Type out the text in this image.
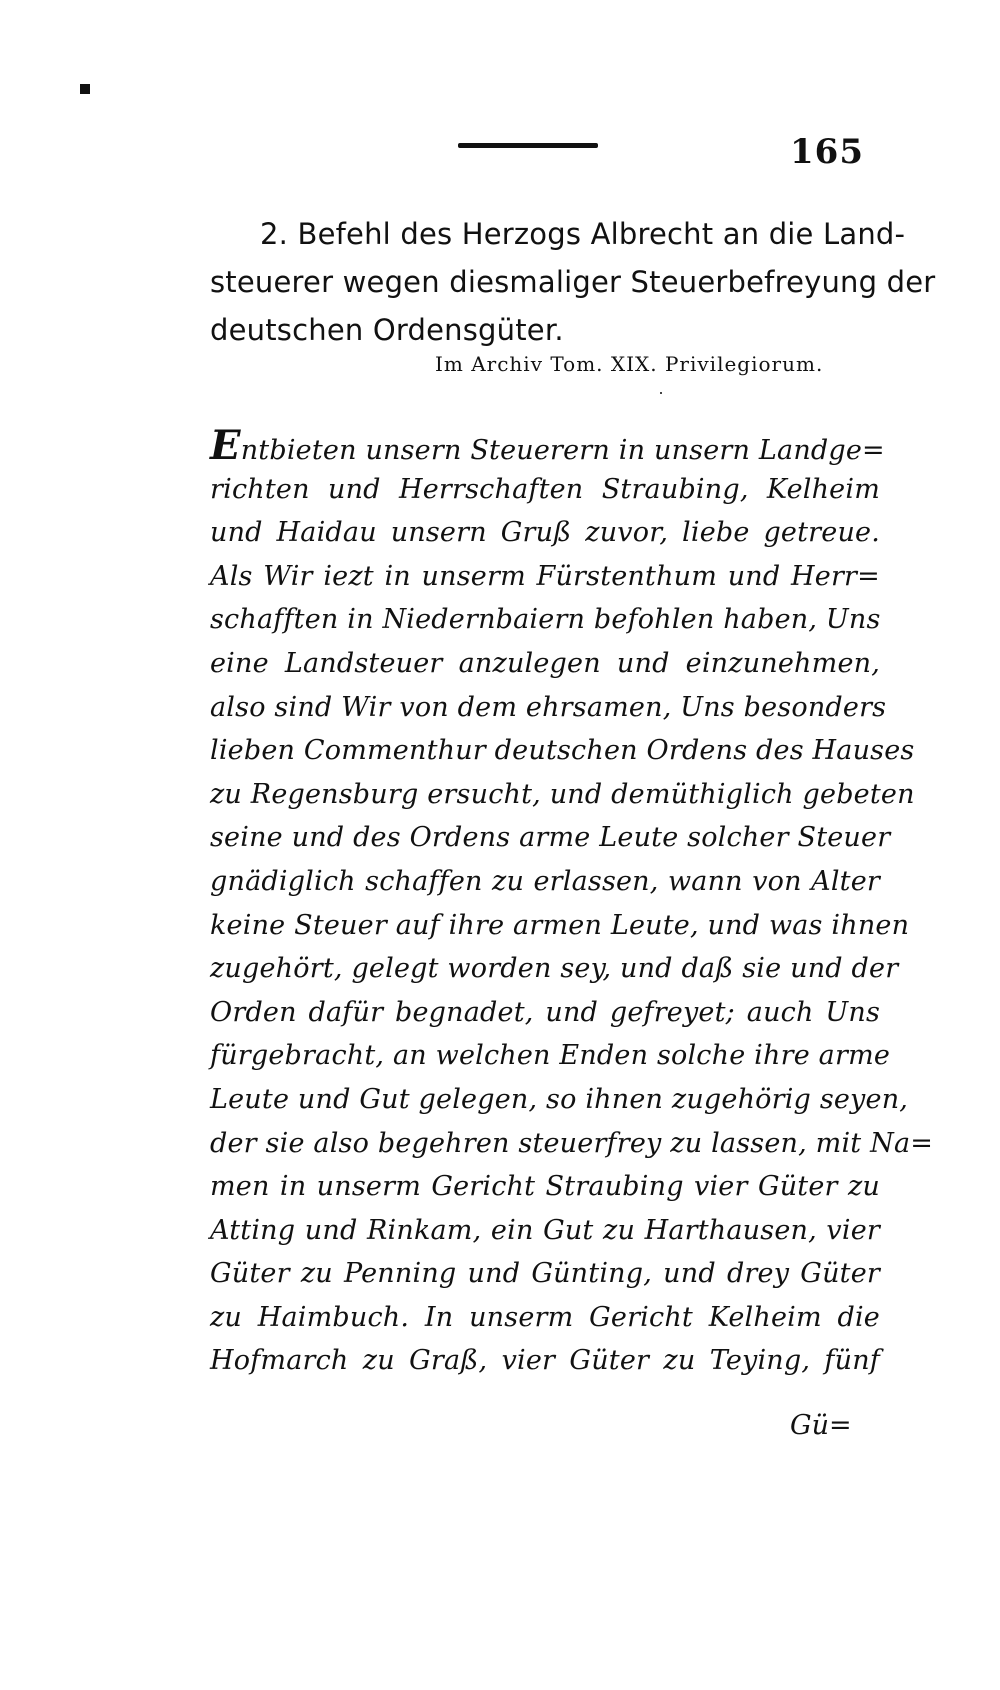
165
2. Befehl des Herzogs Albrecht an die Land-
steuerer wegen diesmaliger Steuerbefreyung der
deutschen Ordensgüter.
Im Archiv Tom. XIX. Privilegiorum.
Entbieten unsern Steuerern in unsern Landge=
richten und Herrschaften Straubing, Kelheim
und Haidau unsern Gruß zuvor, liebe getreue.
Als Wir iezt in unserm Fürstenthum und Herr=
schafften in Niedernbaiern befohlen haben, Uns
eine Landsteuer anzulegen und einzunehmen,
also sind Wir von dem ehrsamen, Uns besonders
lieben Commenthur deutschen Ordens des Hauses
zu Regensburg ersucht, und demüthiglich gebeten
seine und des Ordens arme Leute solcher Steuer
gnädiglich schaffen zu erlassen, wann von Alter
keine Steuer auf ihre armen Leute, und was ihnen
zugehört, gelegt worden sey, und daß sie und der
Orden dafür begnadet, und gefreyet; auch Uns
fürgebracht, an welchen Enden solche ihre arme
Leute und Gut gelegen, so ihnen zugehörig seyen,
der sie also begehren steuerfrey zu lassen, mit Na=
men in unserm Gericht Straubing vier Güter zu
Atting und Rinkam, ein Gut zu Harthausen, vier
Güter zu Penning und Günting, und drey Güter
zu Haimbuch. In unserm Gericht Kelheim die
Hofmarch zu Graß, vier Güter zu Teying, fünf
Gü=
